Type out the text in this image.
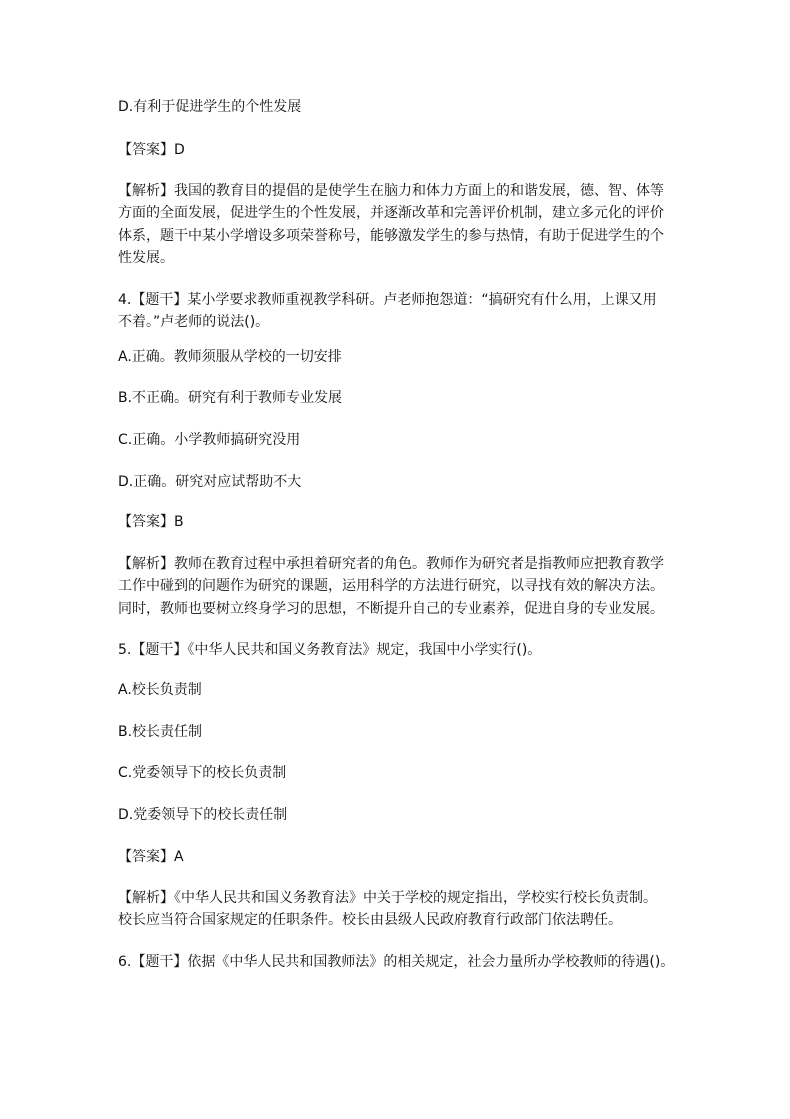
D.有利于促进学生的个性发展
【答案】D
【解析】我国的教育目的提倡的是使学生在脑力和体力方面上的和谐发展，德、智、体等
方面的全面发展，促进学生的个性发展，并逐渐改革和完善评价机制，建立多元化的评价
体系，题干中某小学增设多项荣誉称号，能够激发学生的参与热情，有助于促进学生的个
性发展。
4.【题干】某小学要求教师重视教学科研。卢老师抱怨道：“搞研究有什么用，上课又用
不着。”卢老师的说法()。
A.正确。教师须服从学校的一切安排
B.不正确。研究有利于教师专业发展
C.正确。小学教师搞研究没用
D.正确。研究对应试帮助不大
【答案】B
【解析】教师在教育过程中承担着研究者的角色。教师作为研究者是指教师应把教育教学
工作中碰到的问题作为研究的课题，运用科学的方法进行研究，以寻找有效的解决方法。
同时，教师也要树立终身学习的思想，不断提升自己的专业素养，促进自身的专业发展。
5.【题干】《中华人民共和国义务教育法》规定，我国中小学实行()。
A.校长负责制
B.校长责任制
C.党委领导下的校长负责制
D.党委领导下的校长责任制
【答案】A
【解析】《中华人民共和国义务教育法》中关于学校的规定指出，学校实行校长负责制。
校长应当符合国家规定的任职条件。校长由县级人民政府教育行政部门依法聘任。
6.【题干】依据《中华人民共和国教师法》的相关规定，社会力量所办学校教师的待遇()。
